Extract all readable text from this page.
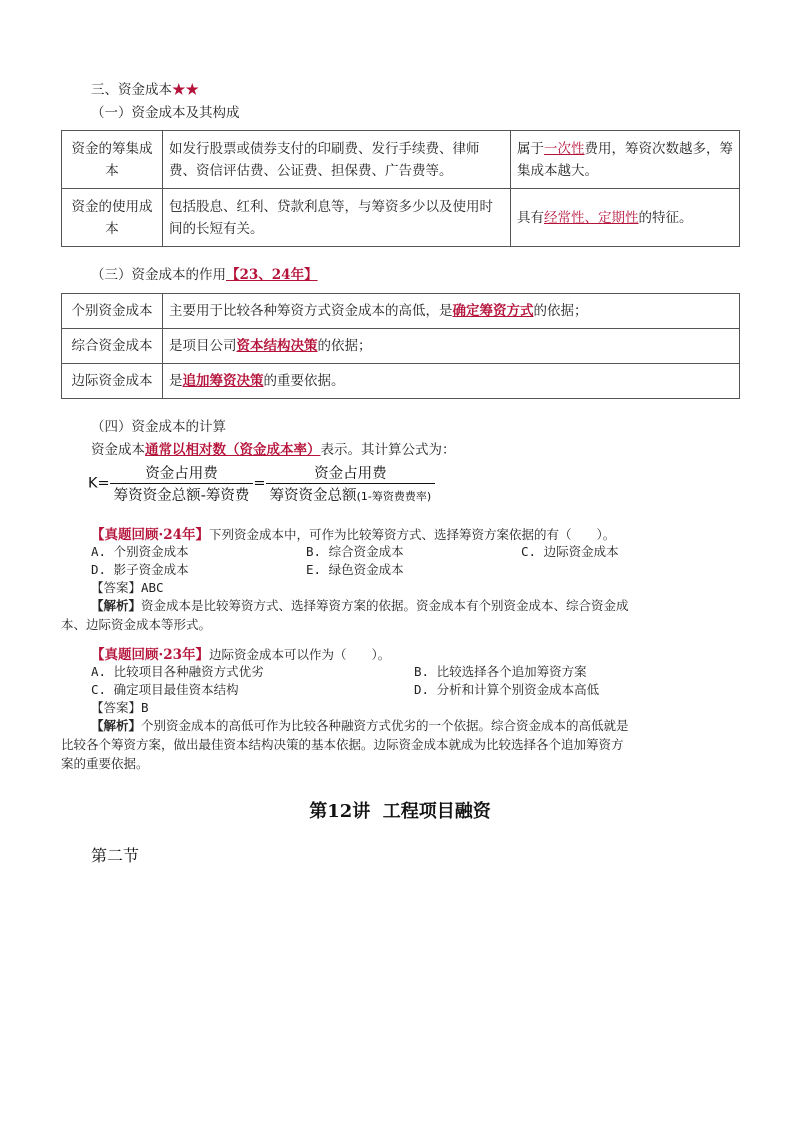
三、资金成本★★
（一）资金成本及其构成
资金的筹集成本	如发行股票或债券支付的印刷费、发行手续费、律师费、资信评估费、公证费、担保费、广告费等。	属于一次性费用，筹资次数越多，筹集成本越大。
资金的使用成本	包括股息、红利、贷款利息等，与筹资多少以及使用时间的长短有关。	具有经常性、定期性的特征。
（三）资金成本的作用【23、24年】
个别资金成本	主要用于比较各种筹资方式资金成本的高低，是确定筹资方式的依据；
综合资金成本	是项目公司资本结构决策的依据；
边际资金成本	是追加筹资决策的重要依据。
（四）资金成本的计算
资金成本通常以相对数（资金成本率）表示。其计算公式为：
$K= \frac{\text{资金占用费}}{\text{筹资资金总额-筹资费}} = \frac{\text{资金占用费}}{\text{筹资资金总额(1-筹资费费率)}}$
【真题回顾·24年】下列资金成本中，可作为比较筹资方式、选择筹资方案依据的有（　　）。
A. 个别资金成本	B. 综合资金成本	C. 边际资金成本
D. 影子资金成本	E. 绿色资金成本
【答案】ABC
【解析】资金成本是比较筹资方式、选择筹资方案的依据。资金成本有个别资金成本、综合资金成
本、边际资金成本等形式。
【真题回顾·23年】边际资金成本可以作为（　　）。
A. 比较项目各种融资方式优劣	B. 比较选择各个追加筹资方案
C. 确定项目最佳资本结构	D. 分析和计算个别资金成本高低
【答案】B
【解析】个别资金成本的高低可作为比较各种融资方式优劣的一个依据。综合资金成本的高低就是
比较各个筹资方案，做出最佳资本结构决策的基本依据。边际资金成本就成为比较选择各个追加筹资方
案的重要依据。
第12讲  工程项目融资
第二节
